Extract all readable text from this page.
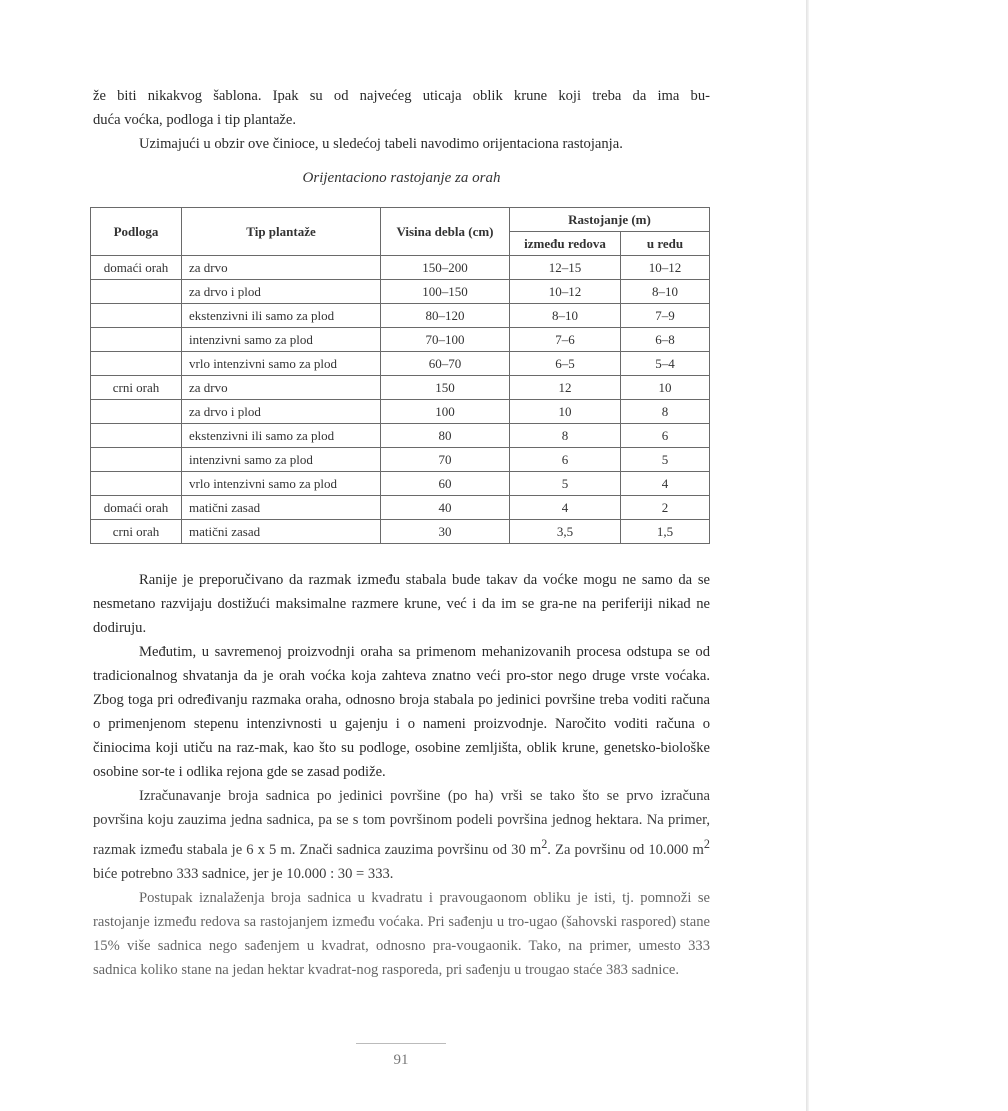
že biti nikakvog šablona. Ipak su od najvećeg uticaja oblik krune koji treba da ima bu-

duća voćka, podloga i tip plantaže.

Uzimajući u obzir ove činioce, u sledećoj tabeli navodimo orijentaciona rastojanja.

Orijentaciono rastojanje za orah
Podloga	Tip plantaže	Visina debla (cm)	Rastojanje (m)	
			između redova	u redu
domaći orah	za drvo	150–200	12–15	10–12
	za drvo i plod	100–150	10–12	8–10
	ekstenzivni ili samo za plod	80–120	8–10	7–9
	intenzivni samo za plod	70–100	7–6	6–8
	vrlo intenzivni samo za plod	60–70	6–5	5–4
crni orah	za drvo	150	12	10
	za drvo i plod	100	10	8
	ekstenzivni ili samo za plod	80	8	6
	intenzivni samo za plod	70	6	5
	vrlo intenzivni samo za plod	60	5	4
domaći orah	matični zasad	40	4	2
crni orah	matični zasad	30	3,5	1,5

Ranije je preporučivano da razmak između stabala bude takav da voćke mogu ne samo da se nesmetano razvijaju dostižući maksimalne razmere krune, već i da im se gra-ne na periferiji nikad ne dodiruju.

Međutim, u savremenoj proizvodnji oraha sa primenom mehanizovanih procesa odstupa se od tradicionalnog shvatanja da je orah voćka koja zahteva znatno veći pro-stor nego druge vrste voćaka. Zbog toga pri određivanju razmaka oraha, odnosno broja stabala po jedinici površine treba voditi računa o primenjenom stepenu intenzivnosti u gajenju i o nameni proizvodnje. Naročito voditi računa o činiocima koji utiču na raz-mak, kao što su podloge, osobine zemljišta, oblik krune, genetsko-biološke osobine sor-te i odlika rejona gde se zasad podiže.

Izračunavanje broja sadnica po jedinici površine (po ha) vrši se tako što se prvo izračuna površina koju zauzima jedna sadnica, pa se s tom površinom podeli površina jednog hektara. Na primer, razmak između stabala je 6 x 5 m. Znači sadnica zauzima površinu od 30 $m^2$. Za površinu od 10.000 $m^2$ biće potrebno 333 sadnice, jer je 10.000 : 30 = 333.

Postupak iznalaženja broja sadnica u kvadratu i pravougaonom obliku je isti, tj. pomnoži se rastojanje između redova sa rastojanjem između voćaka. Pri sađenju u tro-ugao (šahovski raspored) stane 15% više sadnica nego sađenjem u kvadrat, odnosno pra-vougaonik. Tako, na primer, umesto 333 sadnica koliko stane na jedan hektar kvadrat-nog rasporeda, pri sađenju u trougao staće 383 sadnice.

91
